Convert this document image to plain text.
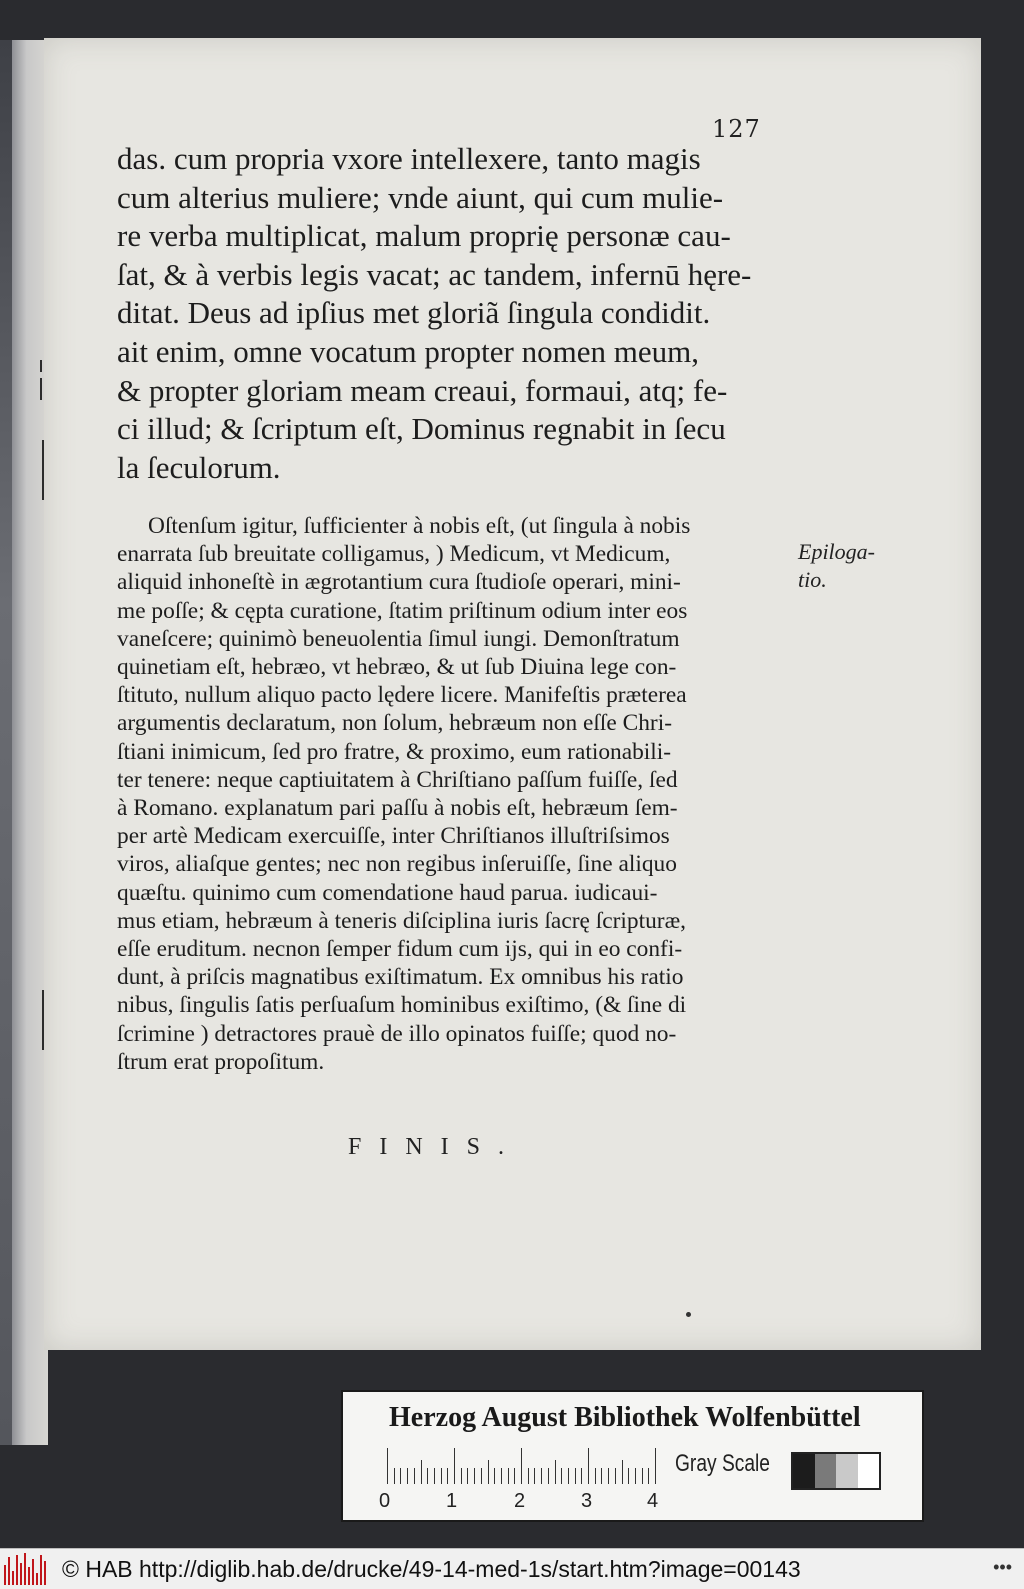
127
das. cum propria vxore intellexere, tanto magis
cum alterius muliere; vnde aiunt, qui cum mulie-
re verba multiplicat, malum proprię personæ cau-
ſat, & à verbis legis vacat; ac tandem, infernū hęre-
ditat. Deus ad ipſius met gloriã ſingula condidit.
ait enim, omne vocatum propter nomen meum,
& propter gloriam meam creaui, formaui, atq; fe-
ci illud; & ſcriptum eſt, Dominus regnabit in ſecu
la ſeculorum.
Oſtenſum igitur, ſufficienter à nobis eſt, (ut ſingula à nobis
enarrata ſub breuitate colligamus, ) Medicum, vt Medicum,
aliquid inhoneſtè in ægrotantium cura ſtudioſe operari, mini-
me poſſe; & cępta curatione, ſtatim priſtinum odium inter eos
vaneſcere; quinimò beneuolentia ſimul iungi. Demonſtratum
quinetiam eſt, hebræo, vt hebræo, & ut ſub Diuina lege con-
ſtituto, nullum aliquo pacto lędere licere. Manifeſtis præterea
argumentis declaratum, non ſolum, hebræum non eſſe Chri-
ſtiani inimicum, ſed pro fratre, & proximo, eum rationabili-
ter tenere: neque captiuitatem à Chriſtiano paſſum fuiſſe, ſed
à Romano. explanatum pari paſſu à nobis eſt, hebræum ſem-
per artè Medicam exercuiſſe, inter Chriſtianos illuſtriſsimos
viros, aliaſque gentes; nec non regibus inſeruiſſe, ſine aliquo
quæſtu. quinimo cum comendatione haud parua. iudicaui-
mus etiam, hebræum à teneris diſciplina iuris ſacrę ſcripturæ,
eſſe eruditum. necnon ſemper fidum cum ijs, qui in eo confi-
dunt, à priſcis magnatibus exiſtimatum. Ex omnibus his ratio
nibus, ſingulis ſatis perſuaſum hominibus exiſtimo, (& ſine di
ſcrimine ) detractores prauè de illo opinatos fuiſſe; quod no-
ſtrum erat propoſitum.
Epiloga-
tio.
FINIS.
Herzog August Bibliothek Wolfenbüttel
0	1	2	3	4
Gray Scale
© HAB http://diglib.hab.de/drucke/49-14-med-1s/start.htm?image=00143	•••
